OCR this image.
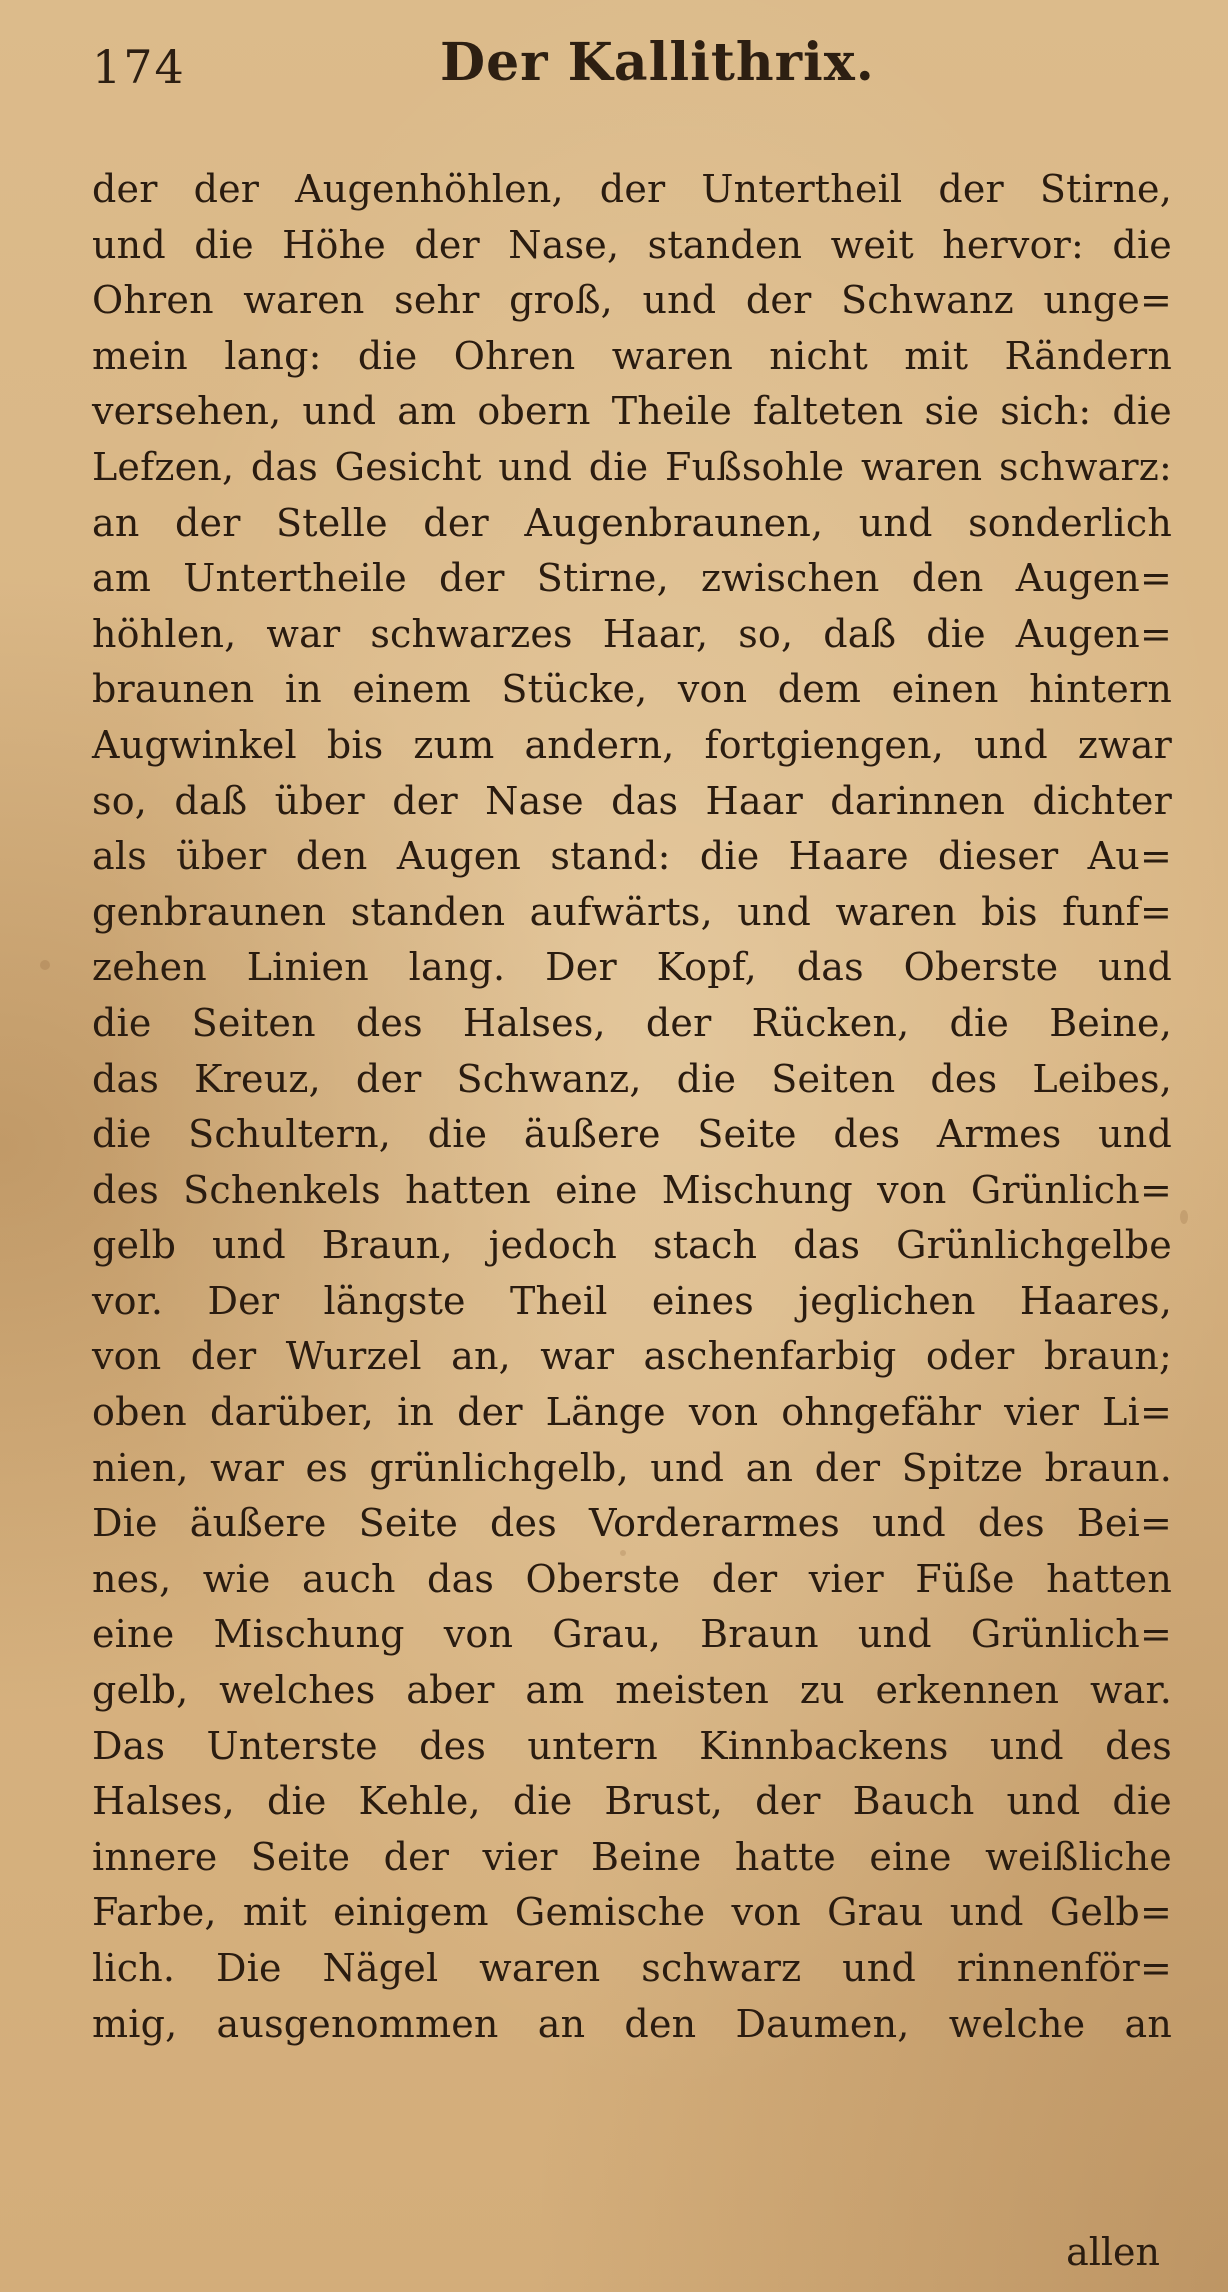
174	Der Kallithrix.
der der Augenhöhlen, der Untertheil der Stirne,
und die Höhe der Nase, standen weit hervor: die
Ohren waren sehr groß, und der Schwanz unge=
mein lang: die Ohren waren nicht mit Rändern
versehen, und am obern Theile falteten sie sich: die
Lefzen, das Gesicht und die Fußsohle waren schwarz:
an der Stelle der Augenbraunen, und sonderlich
am Untertheile der Stirne, zwischen den Augen=
höhlen, war schwarzes Haar, so, daß die Augen=
braunen in einem Stücke, von dem einen hintern
Augwinkel bis zum andern, fortgiengen, und zwar
so, daß über der Nase das Haar darinnen dichter
als über den Augen stand: die Haare dieser Au=
genbraunen standen aufwärts, und waren bis funf=
zehen Linien lang. Der Kopf, das Oberste und
die Seiten des Halses, der Rücken, die Beine,
das Kreuz, der Schwanz, die Seiten des Leibes,
die Schultern, die äußere Seite des Armes und
des Schenkels hatten eine Mischung von Grünlich=
gelb und Braun, jedoch stach das Grünlichgelbe
vor. Der längste Theil eines jeglichen Haares,
von der Wurzel an, war aschenfarbig oder braun;
oben darüber, in der Länge von ohngefähr vier Li=
nien, war es grünlichgelb, und an der Spitze braun.
Die äußere Seite des Vorderarmes und des Bei=
nes, wie auch das Oberste der vier Füße hatten
eine Mischung von Grau, Braun und Grünlich=
gelb, welches aber am meisten zu erkennen war.
Das Unterste des untern Kinnbackens und des
Halses, die Kehle, die Brust, der Bauch und die
innere Seite der vier Beine hatte eine weißliche
Farbe, mit einigem Gemische von Grau und Gelb=
lich. Die Nägel waren schwarz und rinnenför=
mig, ausgenommen an den Daumen, welche an
allen
